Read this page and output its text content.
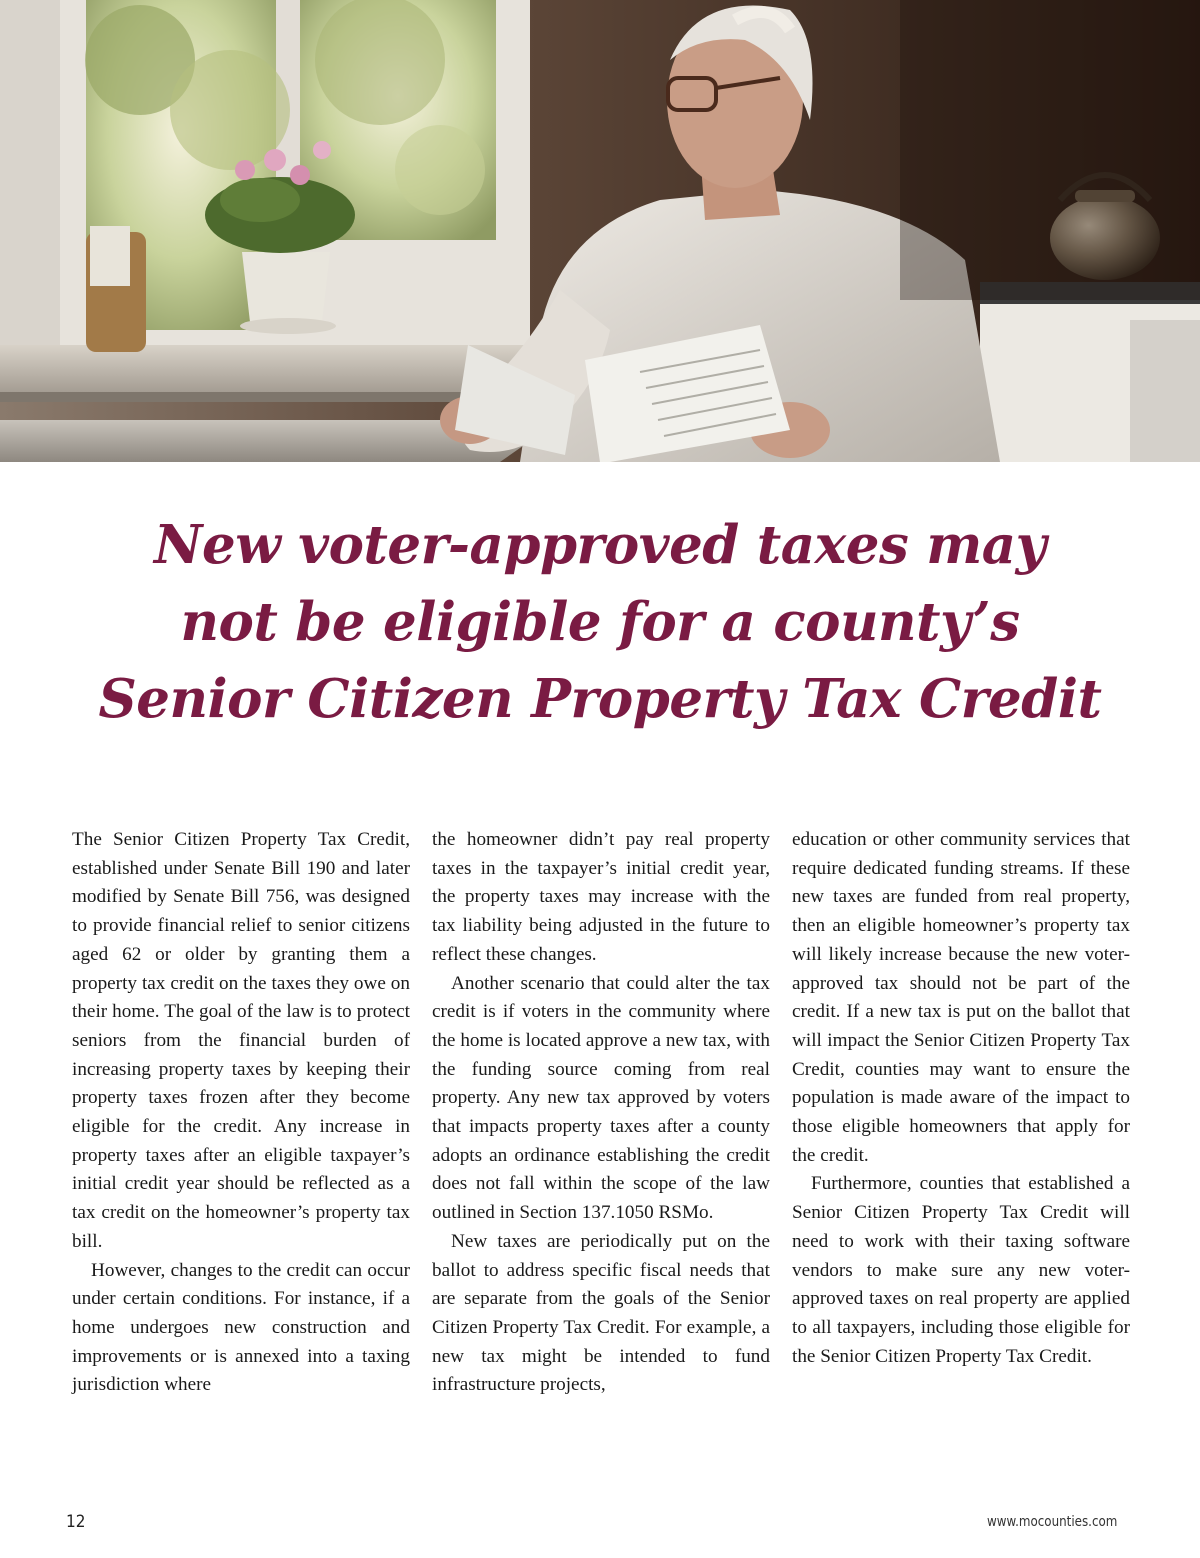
New voter-approved taxes may
not be eligible for a county’s
Senior Citizen Property Tax Credit

The Senior Citizen Property Tax Credit, established under Senate Bill 190 and later modified by Senate Bill 756, was designed to provide financial relief to senior citizens aged 62 or older by granting them a property tax credit on the taxes they owe on their home. The goal of the law is to protect seniors from the financial burden of increasing property taxes by keeping their property taxes frozen after they become eligible for the credit. Any increase in property taxes after an eligible taxpayer’s initial credit year should be reflected as a tax credit on the homeowner’s property tax bill.

However, changes to the credit can occur under certain conditions. For instance, if a home undergoes new construction and improvements or is annexed into a taxing jurisdiction where

the homeowner didn’t pay real property taxes in the taxpayer’s initial credit year, the property taxes may increase with the tax liability being adjusted in the future to reflect these changes.

Another scenario that could alter the tax credit is if voters in the community where the home is located approve a new tax, with the funding source coming from real property. Any new tax approved by voters that impacts property taxes after a county adopts an ordinance establishing the credit does not fall within the scope of the law outlined in Section 137.1050 RSMo.

New taxes are periodically put on the ballot to address specific fiscal needs that are separate from the goals of the Senior Citizen Property Tax Credit. For example, a new tax might be intended to fund infrastructure projects,

education or other community services that require dedicated funding streams. If these new taxes are funded from real property, then an eligible homeowner’s property tax will likely increase because the new voter-approved tax should not be part of the credit. If a new tax is put on the ballot that will impact the Senior Citizen Property Tax Credit, counties may want to ensure the population is made aware of the impact to those eligible homeowners that apply for the credit.

Furthermore, counties that established a Senior Citizen Property Tax Credit will need to work with their taxing software vendors to make sure any new voter-approved taxes on real property are applied to all taxpayers, including those eligible for the Senior Citizen Property Tax Credit.

12	www.mocounties.com
